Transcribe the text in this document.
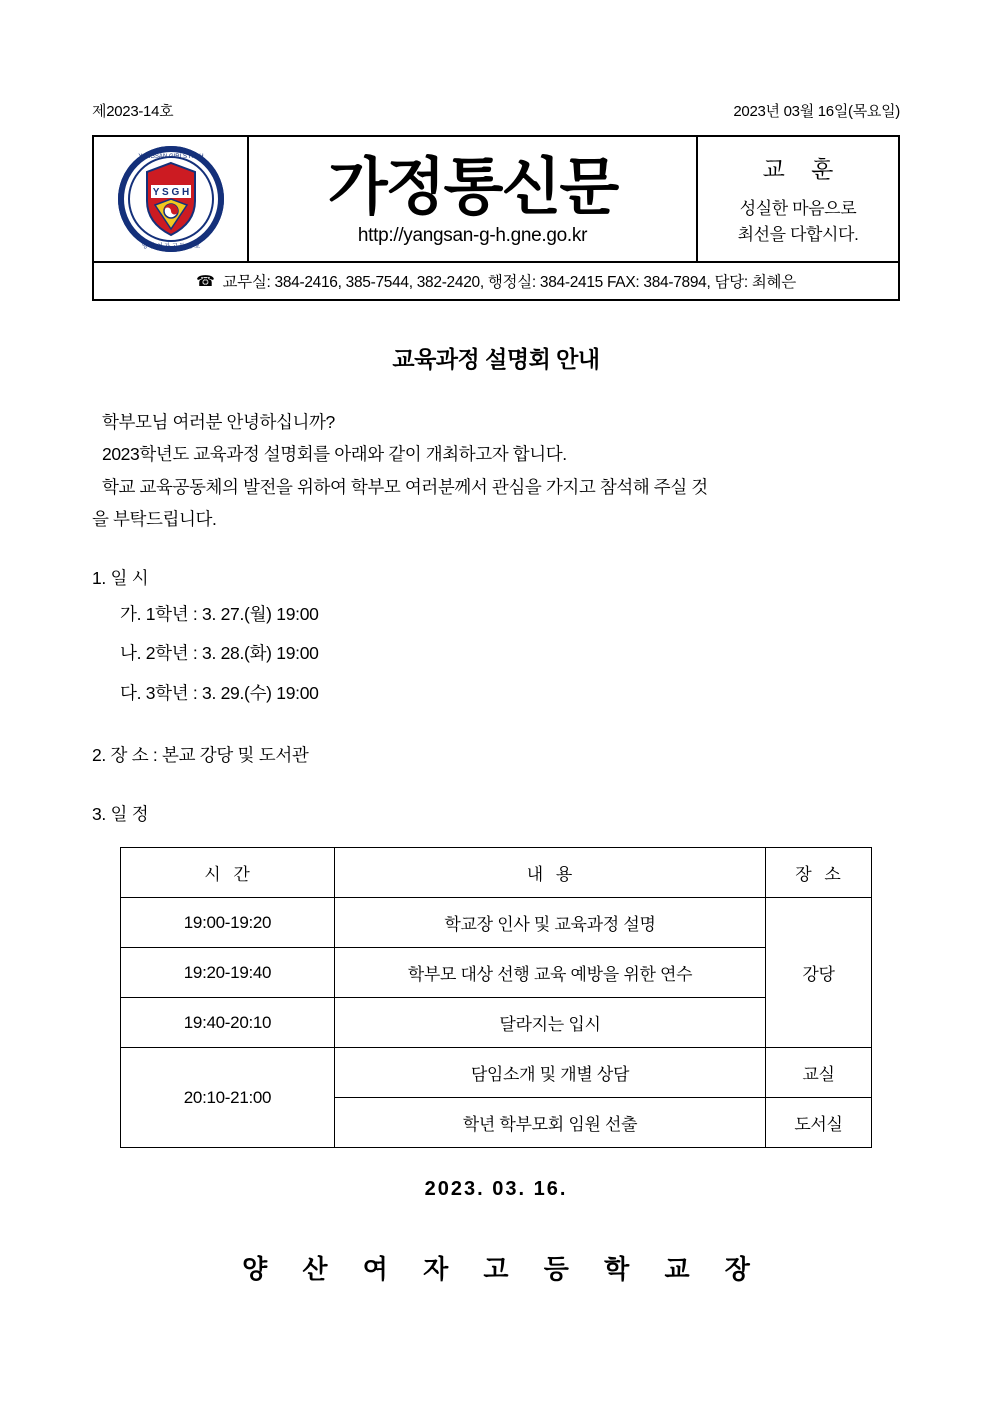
제2023-14호	2023년 03월 16일(목요일)
Y S G H
YANGSAN GIRLS HIGH
양 산 여 자 고 등 학 교
가정통신문
http://yangsan-g-h.gne.go.kr
교 훈
성실한 마음으로
최선을 다합시다.
☎ 교무실: 384-2416, 385-7544, 382-2420, 행정실: 384-2415 FAX: 384-7894, 담당: 최혜은
교육과정 설명회 안내

학부모님 여러분 안녕하십니까?

2023학년도 교육과정 설명회를 아래와 같이 개최하고자 합니다.

학교 교육공동체의 발전을 위하여 학부모 여러분께서 관심을 가지고 참석해 주실 것

을 부탁드립니다.

1. 일 시
가. 1학년 : 3. 27.(월) 19:00
나. 2학년 : 3. 28.(화) 19:00
다. 3학년 : 3. 29.(수) 19:00
2. 장 소 : 본교 강당 및 도서관
3. 일 정
시 간	내 용	장 소
19:00-19:20	학교장 인사 및 교육과정 설명	강당
19:20-19:40	학부모 대상 선행 교육 예방을 위한 연수	
19:40-20:10	달라지는 입시	
20:10-21:00	담임소개 및 개별 상담	교실
	학년 학부모회 임원 선출	도서실
2023. 03. 16.
양 산 여 자 고 등 학 교 장
